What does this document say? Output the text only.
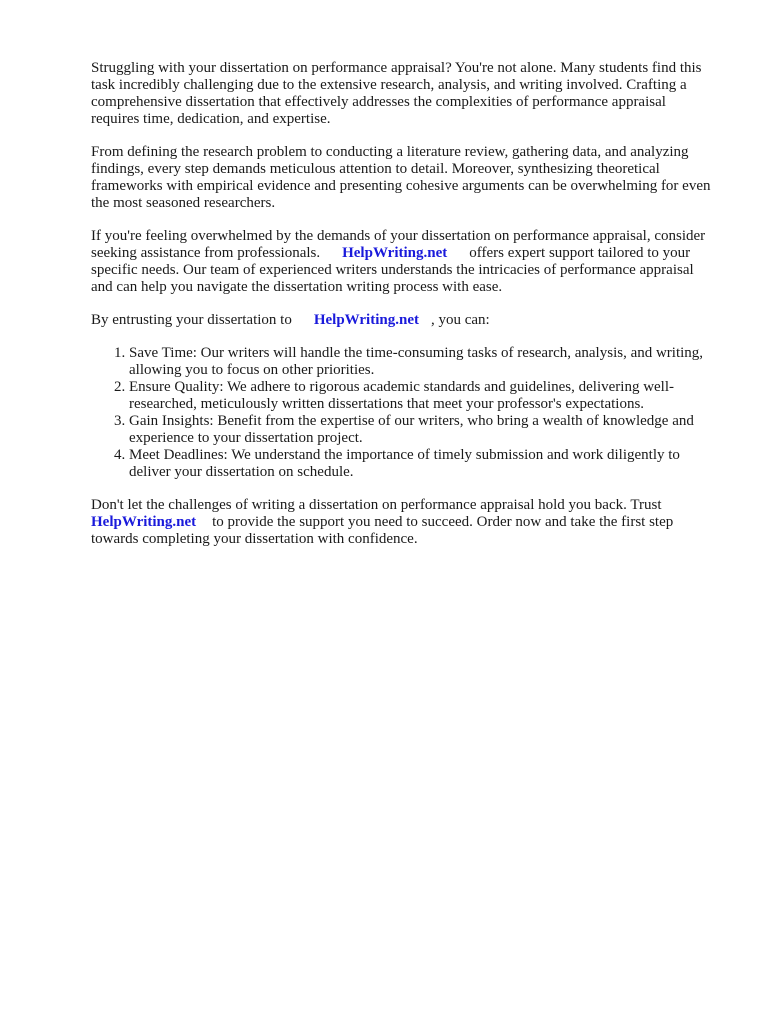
Struggling with your dissertation on performance appraisal? You're not alone. Many students find this task incredibly challenging due to the extensive research, analysis, and writing involved. Crafting a comprehensive dissertation that effectively addresses the complexities of performance appraisal requires time, dedication, and expertise.

From defining the research problem to conducting a literature review, gathering data, and analyzing findings, every step demands meticulous attention to detail. Moreover, synthesizing theoretical frameworks with empirical evidence and presenting cohesive arguments can be overwhelming for even the most seasoned researchers.

If you're feeling overwhelmed by the demands of your dissertation on performance appraisal, consider seeking assistance from professionals. HelpWriting.net offers expert support tailored to your specific needs. Our team of experienced writers understands the intricacies of performance appraisal and can help you navigate the dissertation writing process with ease.

By entrusting your dissertation to HelpWriting.net , you can:

1. Save Time: Our writers will handle the time-consuming tasks of research, analysis, and writing, allowing you to focus on other priorities.
2. Ensure Quality: We adhere to rigorous academic standards and guidelines, delivering well-researched, meticulously written dissertations that meet your professor's expectations.
3. Gain Insights: Benefit from the expertise of our writers, who bring a wealth of knowledge and experience to your dissertation project.
4. Meet Deadlines: We understand the importance of timely submission and work diligently to deliver your dissertation on schedule.

Don't let the challenges of writing a dissertation on performance appraisal hold you back. Trust HelpWriting.net to provide the support you need to succeed. Order now and take the first step towards completing your dissertation with confidence.
